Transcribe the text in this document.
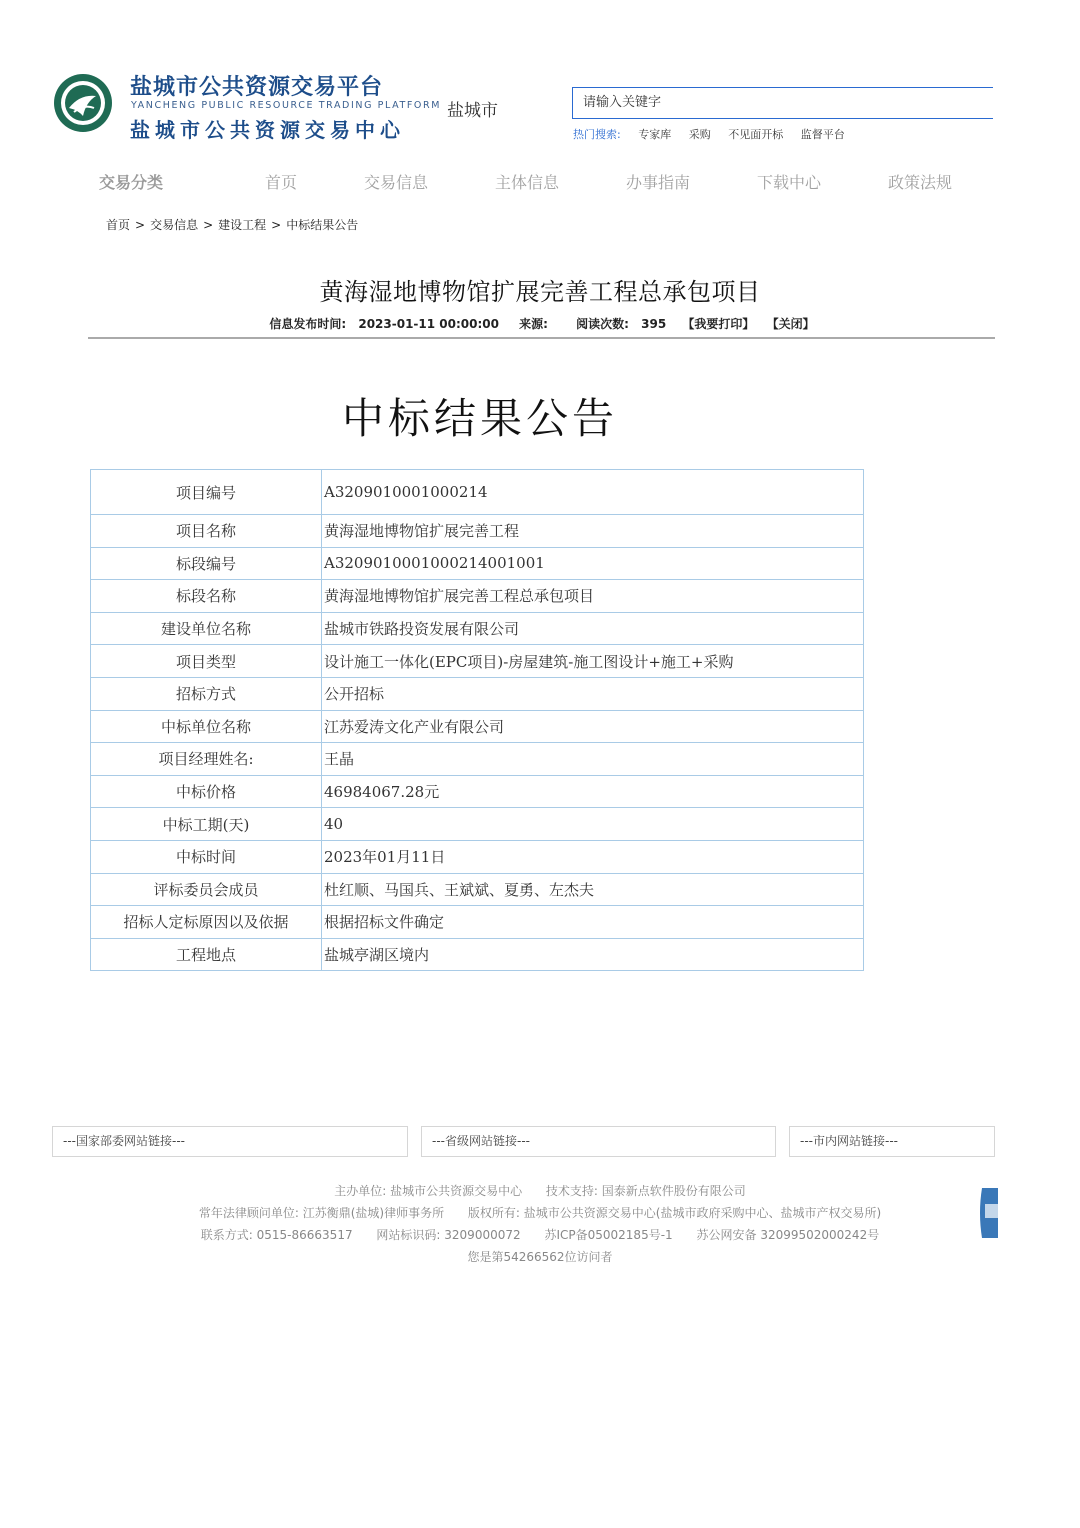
盐城市公共资源交易平台
YANCHENG PUBLIC RESOURCE TRADING PLATFORM
盐城市公共资源交易中心
盐城市
请输入关键字
热门搜索: 专家库 采购 不见面开标 监督平台
交易分类	首页	交易信息	主体信息	办事指南	下载中心	政策法规
首页 > 交易信息 > 建设工程 > 中标结果公告
黄海湿地博物馆扩展完善工程总承包项目
信息发布时间: 2023-01-11 00:00:00 来源: 阅读次数: 395 【我要打印】 【关闭】
中标结果公告
项目编号	A3209010001000214
项目名称	黄海湿地博物馆扩展完善工程
标段编号	A3209010001000214001001
标段名称	黄海湿地博物馆扩展完善工程总承包项目
建设单位名称	盐城市铁路投资发展有限公司
项目类型	设计施工一体化(EPC项目)-房屋建筑-施工图设计+施工+采购
招标方式	公开招标
中标单位名称	江苏爱涛文化产业有限公司
项目经理姓名:	王晶
中标价格	46984067.28元
中标工期(天)	40
中标时间	2023年01月11日
评标委员会成员	杜红顺、马国兵、王斌斌、夏勇、左杰夫
招标人定标原因以及依据	根据招标文件确定
工程地点	盐城亭湖区境内
---国家部委网站链接---	---省级网站链接---	---市内网站链接---
主办单位: 盐城市公共资源交易中心 技术支持: 国泰新点软件股份有限公司
常年法律顾问单位: 江苏衡鼎(盐城)律师事务所 版权所有: 盐城市公共资源交易中心(盐城市政府采购中心、盐城市产权交易所)
联系方式: 0515-86663517 网站标识码: 3209000072 苏ICP备05002185号-1 苏公网安备 32099502000242号
您是第54266562位访问者
